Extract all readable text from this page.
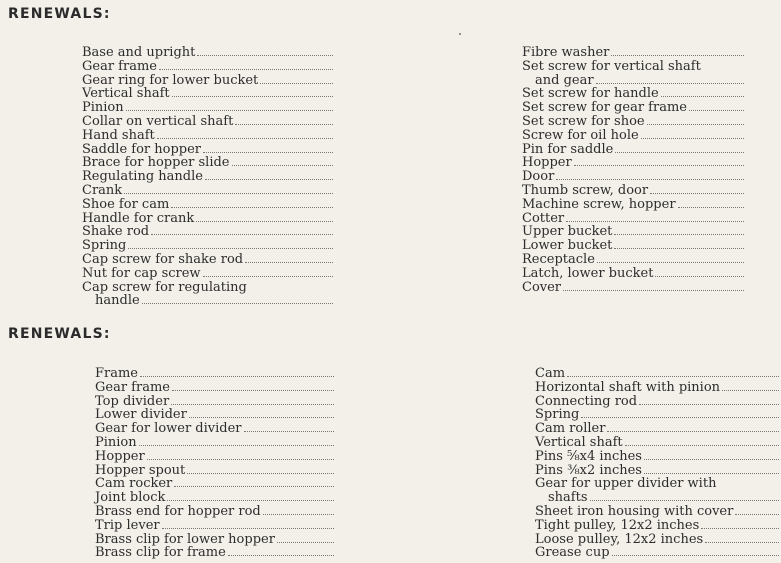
RENEWALS:
Base and upright
Gear frame
Gear ring for lower bucket
Vertical shaft
Pinion
Collar on vertical shaft
Hand shaft
Saddle for hopper
Brace for hopper slide
Regulating handle
Crank
Shoe for cam
Handle for crank
Shake rod
Spring
Cap screw for shake rod
Nut for cap screw
Cap screw for regulating
handle
Fibre washer
Set screw for vertical shaft
and gear
Set screw for handle
Set screw for gear frame
Set screw for shoe
Screw for oil hole
Pin for saddle
Hopper
Door
Thumb screw, door
Machine screw, hopper
Cotter
Upper bucket
Lower bucket
Receptacle
Latch, lower bucket
Cover
RENEWALS:
Frame
Gear frame
Top divider
Lower divider
Gear for lower divider
Pinion
Hopper
Hopper spout
Cam rocker
Joint block
Brass end for hopper rod
Trip lever
Brass clip for lower hopper
Brass clip for frame
Cam
Horizontal shaft with pinion
Connecting rod
Spring
Cam roller
Vertical shaft
Pins ⅝x4 inches
Pins ⅜x2 inches
Gear for upper divider with
shafts
Sheet iron housing with cover
Tight pulley, 12x2 inches
Loose pulley, 12x2 inches
Grease cup
